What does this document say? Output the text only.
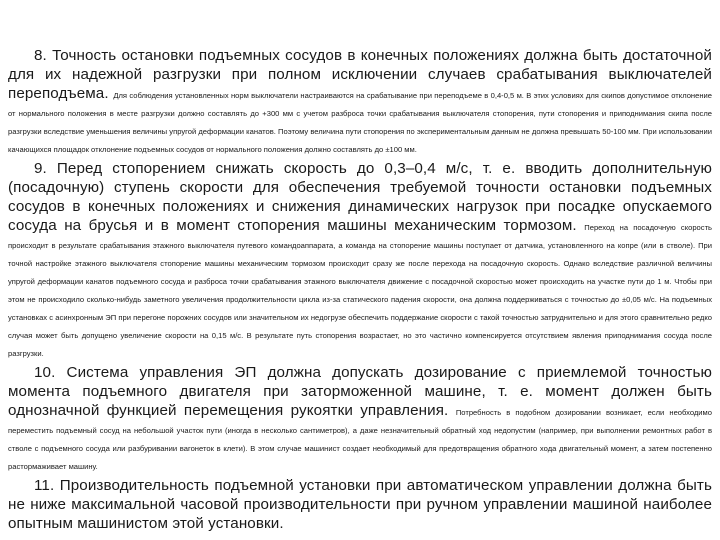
8. Точность остановки подъемных сосудов в конечных положениях должна быть достаточной для их надежной разгрузки при полном исключении случаев срабатывания выключателей переподъема. Для соблюдения установленных норм выключатели настраиваются на срабатывание при переподъеме в 0,4-0,5 м. В этих условиях для скипов допустимое отклонение от нормального положения в месте разгрузки должно составлять до +300 мм с учетом разброса точки срабатывания выключателя стопорения, пути стопорения и приподнимания скипа после разгрузки вследствие уменьшения величины упругой деформации канатов. Поэтому величина пути стопорения по экспериментальным данным не должна превышать 50-100 мм. При использовании качающихся площадок отклонение подъемных сосудов от нормального положения должно составлять до ±100 мм.

9. Перед стопорением снижать скорость до 0,3–0,4 м/с, т. е. вводить дополнительную (посадочную) ступень скорости для обеспечения требуемой точности остановки подъемных сосудов в конечных положениях и снижения динамических нагрузок при посадке опускаемого сосуда на брусья и в момент стопорения машины механическим тормозом. Переход на посадочную скорость происходит в результате срабатывания этажного выключателя путевого командоаппарата, а команда на стопорение машины поступает от датчика, установленного на копре (или в стволе). При точной настройке этажного выключателя стопорение машины механическим тормозом происходит сразу же после перехода на посадочную скорость. Однако вследствие различной величины упругой деформации канатов подъемного сосуда и разброса точки срабатывания этажного выключателя движение с посадочной скоростью может происходить на участке пути до 1 м. Чтобы при этом не происходило сколько-нибудь заметного увеличения продолжительности цикла из-за статического падения скорости, она должна поддерживаться с точностью до ±0,05 м/с. На подъемных установках с асинхронным ЭП при перегоне порожних сосудов или значительном их недогрузе обеспечить поддержание скорости с такой точностью затруднительно и для этого сравнительно редко случая может быть допущено увеличение скорости на 0,15 м/с. В результате путь стопорения возрастает, но это частично компенсируется отсутствием явления приподнимания сосуда после разгрузки.

10. Система управления ЭП должна допускать дозирование с приемлемой точностью момента подъемного двигателя при заторможенной машине, т. е. момент должен быть однозначной функцией перемещения рукоятки управления. Потребность в подобном дозировании возникает, если необходимо переместить подъемный сосуд на небольшой участок пути (иногда в несколько сантиметров), а даже незначительный обратный ход недопустим (например, при выполнении ремонтных работ в стволе с подъемного сосуда или разбуривании вагонеток в клети). В этом случае машинист создает необходимый для предотвращения обратного хода двигательный момент, а затем постепенно растормаживает машину.

11. Производительность подъемной установки при автоматическом управлении должна быть не ниже максимальной часовой производительности при ручном управлении машиной наиболее опытным машинистом этой установки.
